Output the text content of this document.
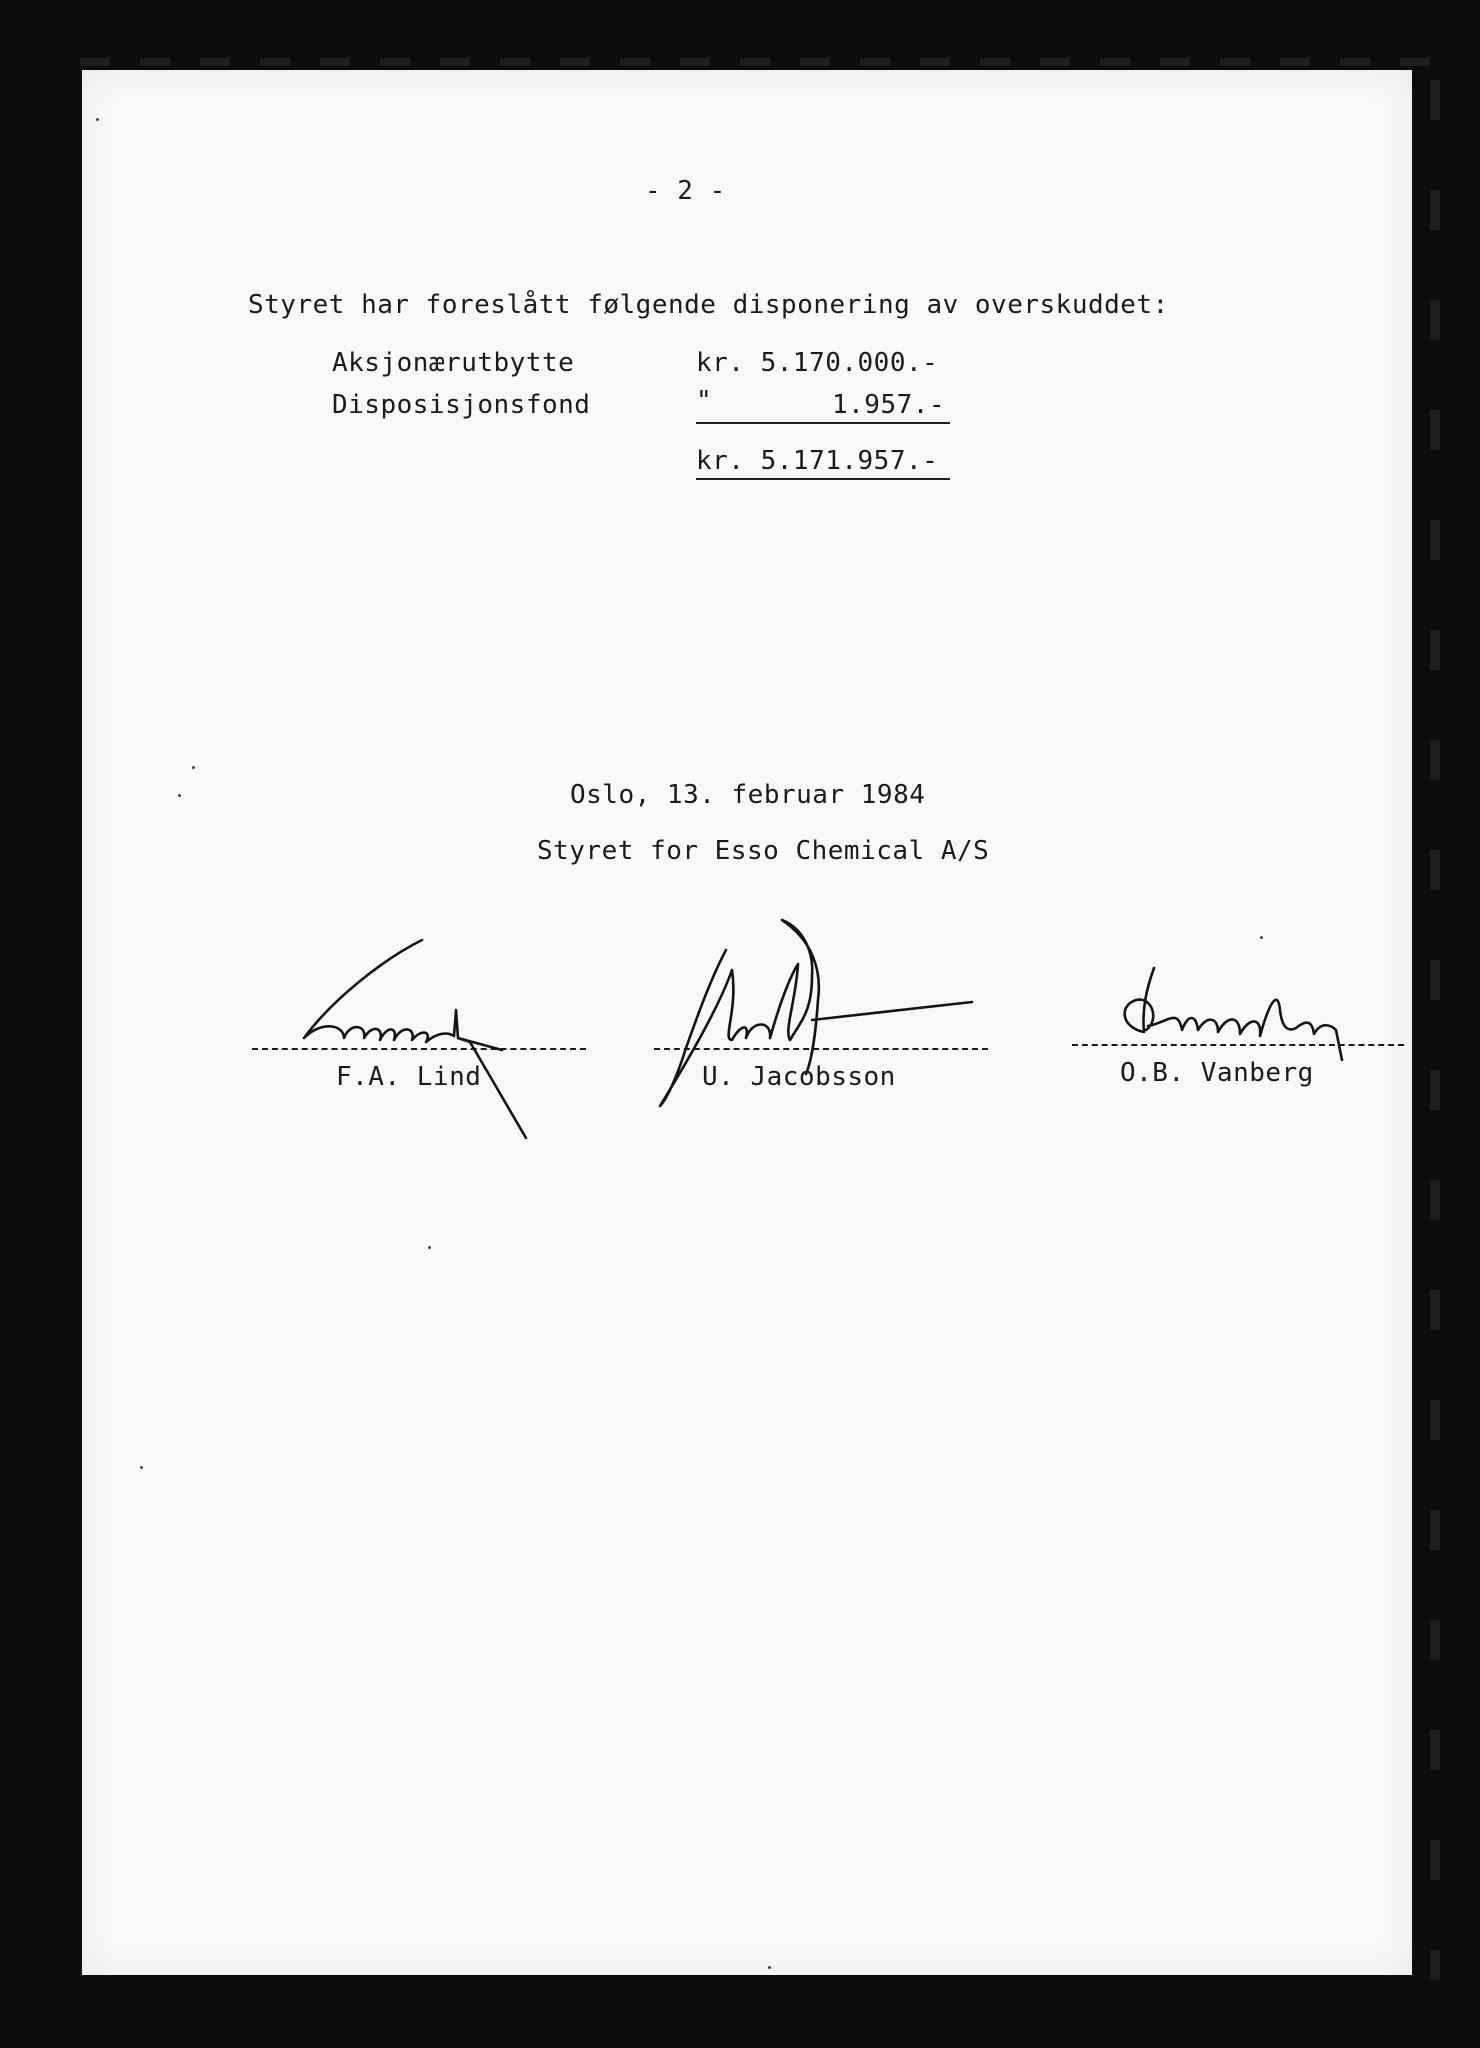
- 2 -
Styret har foreslått følgende disponering av overskuddet:
Aksjonærutbytte	kr. 5.170.000.-
Disposisjonsfond	"	1.957.-
kr. 5.171.957.-
Oslo, 13. februar 1984
Styret for Esso Chemical A/S
F.A. Lind	U. Jacobsson	O.B. Vanberg
